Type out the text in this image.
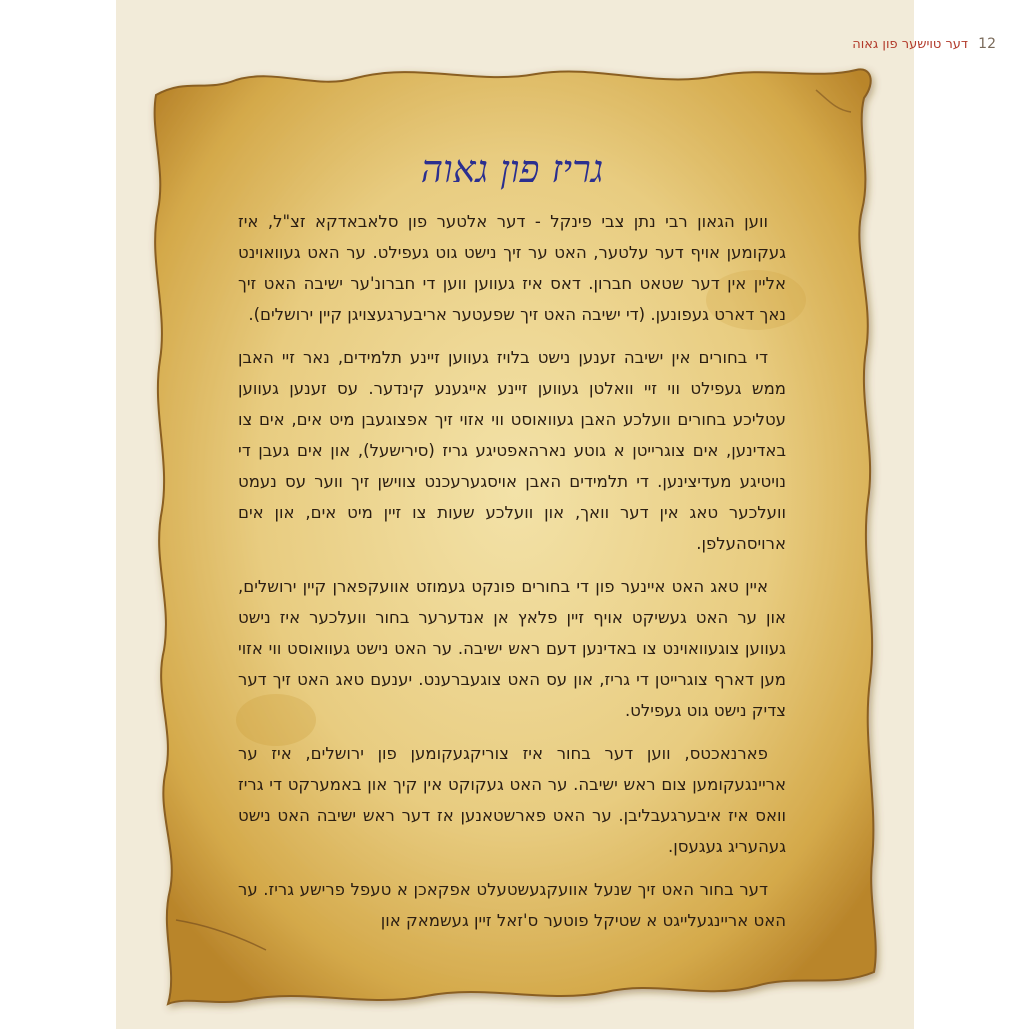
12 דער טוישער פון גאוה
גריז פון גאוה

ווען הגאון רבי נתן צבי פינקל - דער אלטער פון סלאבאדקא זצ"ל, איז געקומען אויף דער עלטער, האט ער זיך נישט גוט געפילט. ער האט געוואוינט אליין אין דער שטאט חברון. דאס איז געווען ווען די חברונ'ער ישיבה האט זיך נאך דארט געפונען. (די ישיבה האט זיך שפעטער אריבערגעצויגן קיין ירושלים).

די בחורים אין ישיבה זענען נישט בלויז געווען זיינע תלמידים, נאר זיי האבן ממש געפילט ווי זיי וואלטן געווען זיינע אייגענע קינדער. עס זענען געווען עטליכע בחורים וועלכע האבן געוואוסט ווי אזוי זיך אפצוגעבן מיט אים, אים צו באדינען, אים צוגרייטן א גוטע נארהאפטיגע גריז (סירישעל), און אים געבן די נויטיגע מעדיצינען. די תלמידים האבן אויסגערעכנט צווישן זיך ווער עס נעמט וועלכער טאג אין דער וואך, און וועלכע שעות צו זיין מיט אים, און אים ארויסהעלפן.

איין טאג האט איינער פון די בחורים פונקט געמוזט אוועקפארן קיין ירושלים, און ער האט געשיקט אויף זיין פלאץ אן אנדערער בחור וועלכער איז נישט געווען צוגעוואוינט צו באדינען דעם ראש ישיבה. ער האט נישט געוואוסט ווי אזוי מען דארף צוגרייטן די גריז, און עס האט צוגעברענט. יענעם טאג האט זיך דער צדיק נישט גוט געפילט.

פארנאכטס, ווען דער בחור איז צוריקגעקומען פון ירושלים, איז ער אריינגעקומען צום ראש ישיבה. ער האט געקוקט אין קיך און באמערקט די גריז וואס איז איבערגעבליבן. ער האט פארשטאנען אז דער ראש ישיבה האט נישט געהעריג געגעסן.

דער בחור האט זיך שנעל אוועקגעשטעלט אפקאכן א טעפל פרישע גריז. ער האט אריינגעלייגט א שטיקל פוטער ס'זאל זיין געשמאק און
